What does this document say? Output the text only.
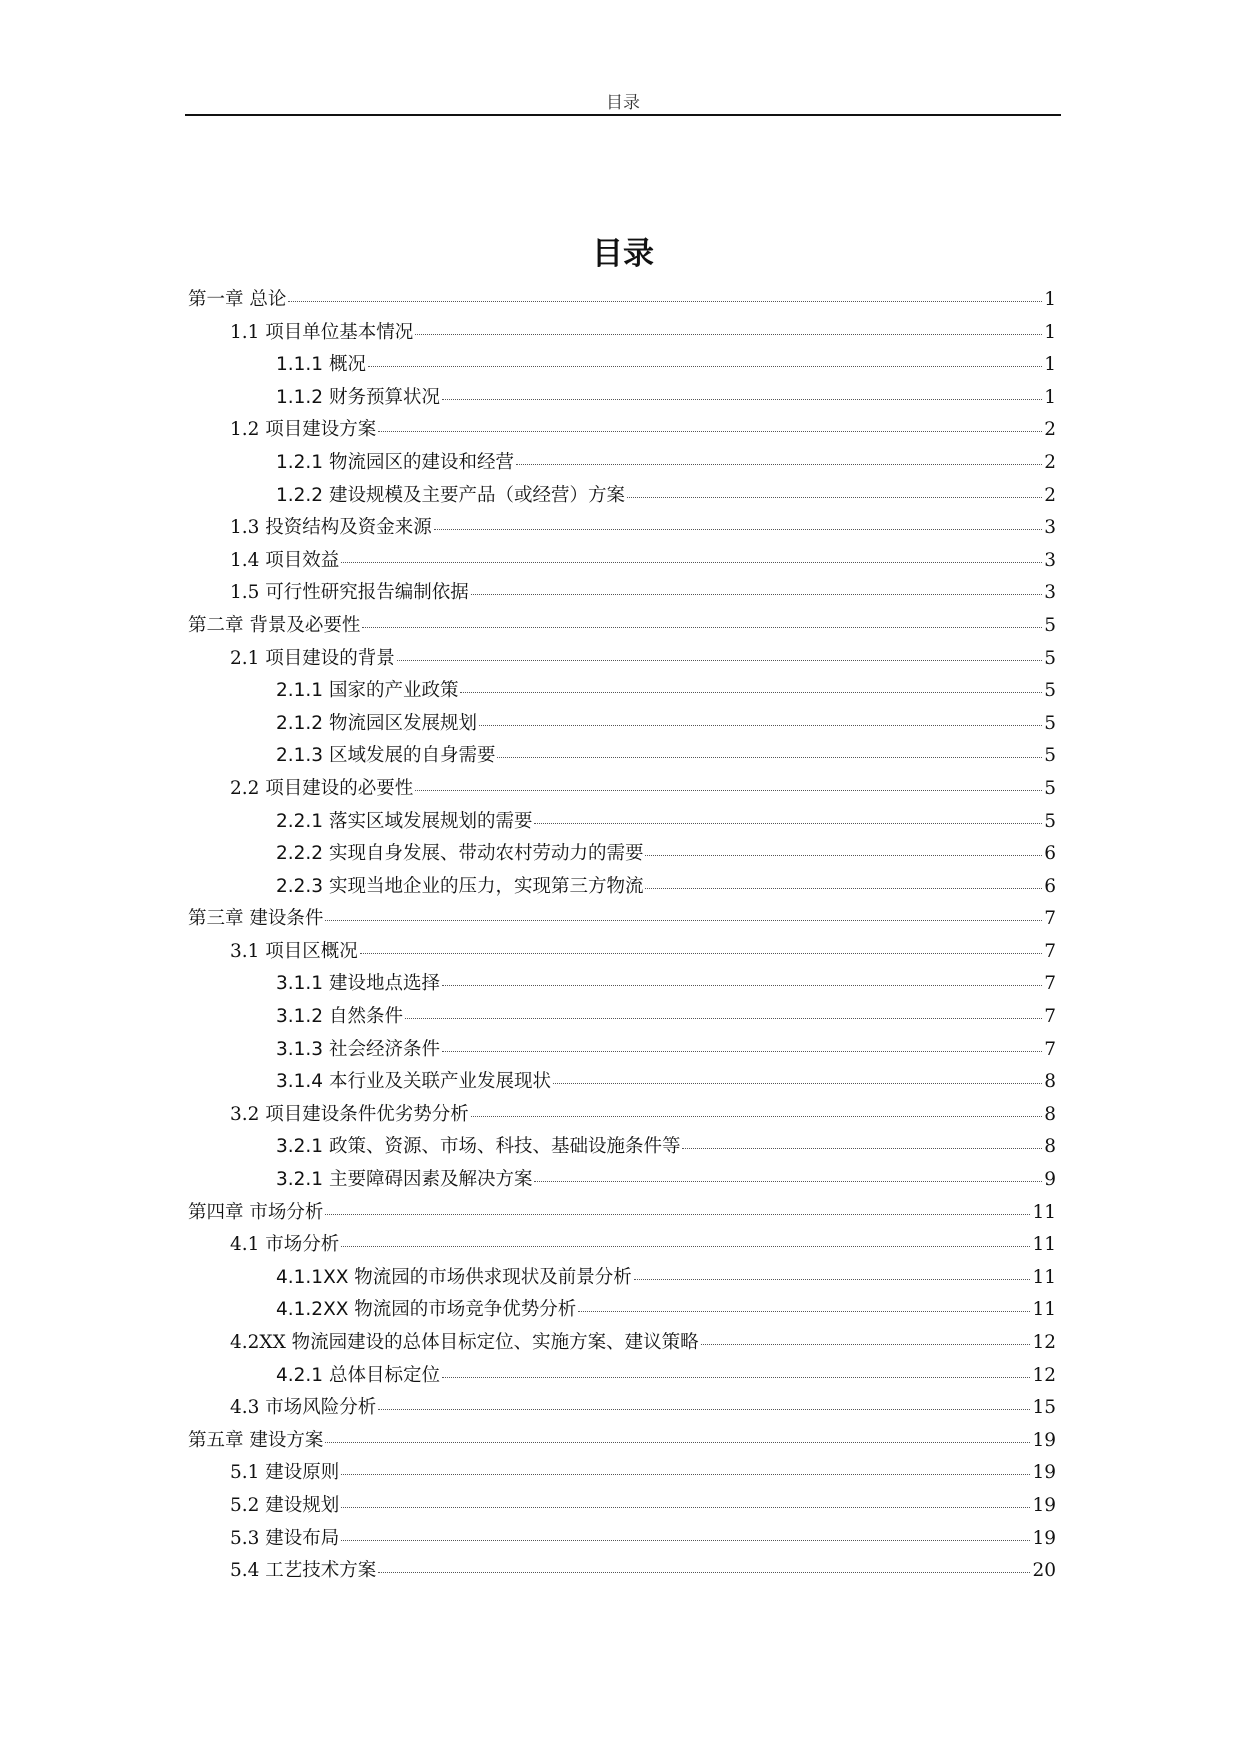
目录
目录
第一章 总论	1
1.1 项目单位基本情况	1
1.1.1 概况	1
1.1.2 财务预算状况	1
1.2 项目建设方案	2
1.2.1 物流园区的建设和经营	2
1.2.2 建设规模及主要产品（或经营）方案	2
1.3 投资结构及资金来源	3
1.4 项目效益	3
1.5 可行性研究报告编制依据	3
第二章 背景及必要性	5
2.1 项目建设的背景	5
2.1.1 国家的产业政策	5
2.1.2 物流园区发展规划	5
2.1.3 区域发展的自身需要	5
2.2 项目建设的必要性	5
2.2.1 落实区域发展规划的需要	5
2.2.2 实现自身发展、带动农村劳动力的需要	6
2.2.3 实现当地企业的压力，实现第三方物流	6
第三章 建设条件	7
3.1 项目区概况	7
3.1.1 建设地点选择	7
3.1.2 自然条件	7
3.1.3 社会经济条件	7
3.1.4 本行业及关联产业发展现状	8
3.2 项目建设条件优劣势分析	8
3.2.1 政策、资源、市场、科技、基础设施条件等	8
3.2.1 主要障碍因素及解决方案	9
第四章 市场分析	11
4.1 市场分析	11
4.1.1XX 物流园的市场供求现状及前景分析	11
4.1.2XX 物流园的市场竞争优势分析	11
4.2XX 物流园建设的总体目标定位、实施方案、建议策略	12
4.2.1 总体目标定位	12
4.3 市场风险分析	15
第五章 建设方案	19
5.1 建设原则	19
5.2 建设规划	19
5.3 建设布局	19
5.4 工艺技术方案	20
